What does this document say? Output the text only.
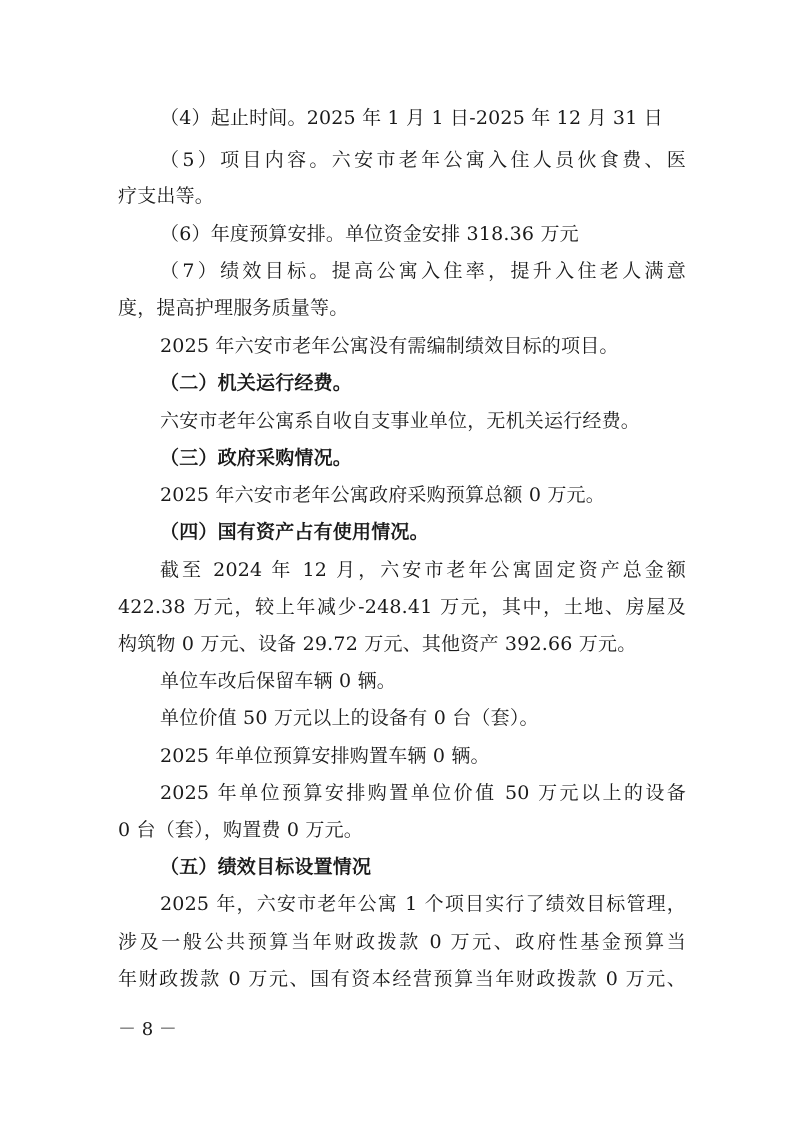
（4）起止时间。2025 年 1 月 1 日-2025 年 12 月 31 日
（5）项目内容。六安市老年公寓入住人员伙食费、医
疗支出等。
（6）年度预算安排。单位资金安排 318.36 万元
（7）绩效目标。提高公寓入住率，提升入住老人满意
度，提高护理服务质量等。
2025 年六安市老年公寓没有需编制绩效目标的项目。
（二）机关运行经费。
六安市老年公寓系自收自支事业单位，无机关运行经费。
（三）政府采购情况。
2025 年六安市老年公寓政府采购预算总额 0 万元。
（四）国有资产占有使用情况。
截至 2024 年 12 月，六安市老年公寓固定资产总金额
422.38 万元，较上年减少-248.41 万元，其中，土地、房屋及
构筑物 0 万元、设备 29.72 万元、其他资产 392.66 万元。
单位车改后保留车辆 0 辆。
单位价值 50 万元以上的设备有 0 台（套）。
2025 年单位预算安排购置车辆 0 辆。
2025 年单位预算安排购置单位价值 50 万元以上的设备
0 台（套），购置费 0 万元。
（五）绩效目标设置情况
2025 年，六安市老年公寓 1 个项目实行了绩效目标管理，
涉及一般公共预算当年财政拨款 0 万元、政府性基金预算当
年财政拨款 0 万元、国有资本经营预算当年财政拨款 0 万元、
－ 8 －
